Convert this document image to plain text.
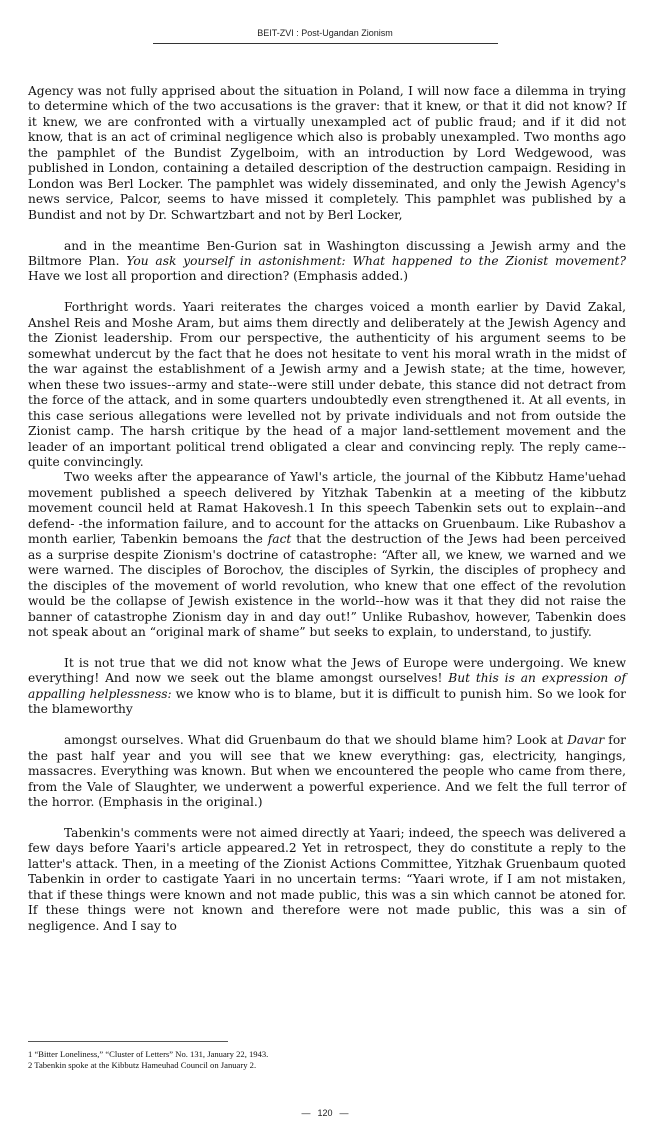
BEIT-ZVI : Post-Ugandan Zionism

Agency was not fully apprised about the situation in Poland, I will now face a dilemma in trying to determine which of the two accusations is the graver: that it knew, or that it did not know? If it knew, we are confronted with a virtually unexampled act of public fraud; and if it did not know, that is an act of criminal negligence which also is probably unexampled. Two months ago the pamphlet of the Bundist Zygelboim, with an introduction by Lord Wedgewood, was published in London, containing a detailed description of the destruction campaign. Residing in London was Berl Locker. The pamphlet was widely disseminated, and only the Jewish Agency's news service, Palcor, seems to have missed it completely. This pamphlet was published by a Bundist and not by Dr. Schwartzbart and not by Berl Locker,

and in the meantime Ben-Gurion sat in Washington discussing a Jewish army and the Biltmore Plan. You ask yourself in astonishment: What happened to the Zionist movement? Have we lost all proportion and direction? (Emphasis added.)

Forthright words. Yaari reiterates the charges voiced a month earlier by David Zakal, Anshel Reis and Moshe Aram, but aims them directly and deliberately at the Jewish Agency and the Zionist leadership. From our perspective, the authenticity of his argument seems to be somewhat undercut by the fact that he does not hesitate to vent his moral wrath in the midst of the war against the establishment of a Jewish army and a Jewish state; at the time, however, when these two issues--army and state--were still under debate, this stance did not detract from the force of the attack, and in some quarters undoubtedly even strengthened it. At all events, in this case serious allegations were levelled not by private individuals and not from outside the Zionist camp. The harsh critique by the head of a major land-settlement movement and the leader of an important political trend obligated a clear and convincing reply. The reply came--quite convincingly.

Two weeks after the appearance of Yawl's article, the journal of the Kibbutz Hame'uehad movement published a speech delivered by Yitzhak Tabenkin at a meeting of the kibbutz movement council held at Ramat Hakovesh.1 In this speech Tabenkin sets out to explain--and defend- -the information failure, and to account for the attacks on Gruenbaum. Like Rubashov a month earlier, Tabenkin bemoans the fact that the destruction of the Jews had been perceived as a surprise despite Zionism's doctrine of catastrophe: “After all, we knew, we warned and we were warned. The disciples of Borochov, the disciples of Syrkin, the disciples of prophecy and the disciples of the movement of world revolution, who knew that one effect of the revolution would be the collapse of Jewish existence in the world--how was it that they did not raise the banner of catastrophe Zionism day in and day out!” Unlike Rubashov, however, Tabenkin does not speak about an “original mark of shame” but seeks to explain, to understand, to justify.

It is not true that we did not know what the Jews of Europe were undergoing. We knew everything! And now we seek out the blame amongst ourselves! But this is an expression of appalling helplessness: we know who is to blame, but it is difficult to punish him. So we look for the blameworthy

amongst ourselves. What did Gruenbaum do that we should blame him? Look at Davar for the past half year and you will see that we knew everything: gas, electricity, hangings, massacres. Everything was known. But when we encountered the people who came from there, from the Vale of Slaughter, we underwent a powerful experience. And we felt the full terror of the horror. (Emphasis in the original.)

Tabenkin's comments were not aimed directly at Yaari; indeed, the speech was delivered a few days before Yaari's article appeared.2 Yet in retrospect, they do constitute a reply to the latter's attack. Then, in a meeting of the Zionist Actions Committee, Yitzhak Gruenbaum quoted Tabenkin in order to castigate Yaari in no uncertain terms: “Yaari wrote, if I am not mistaken, that if these things were known and not made public, this was a sin which cannot be atoned for. If these things were not known and therefore were not made public, this was a sin of negligence. And I say to

1 “Bitter Loneliness,” “Cluster of Letters” No. 131, January 22, 1943.
2 Tabenkin spoke at the Kibbutz Hameuhad Council on January 2.
— 120 —
